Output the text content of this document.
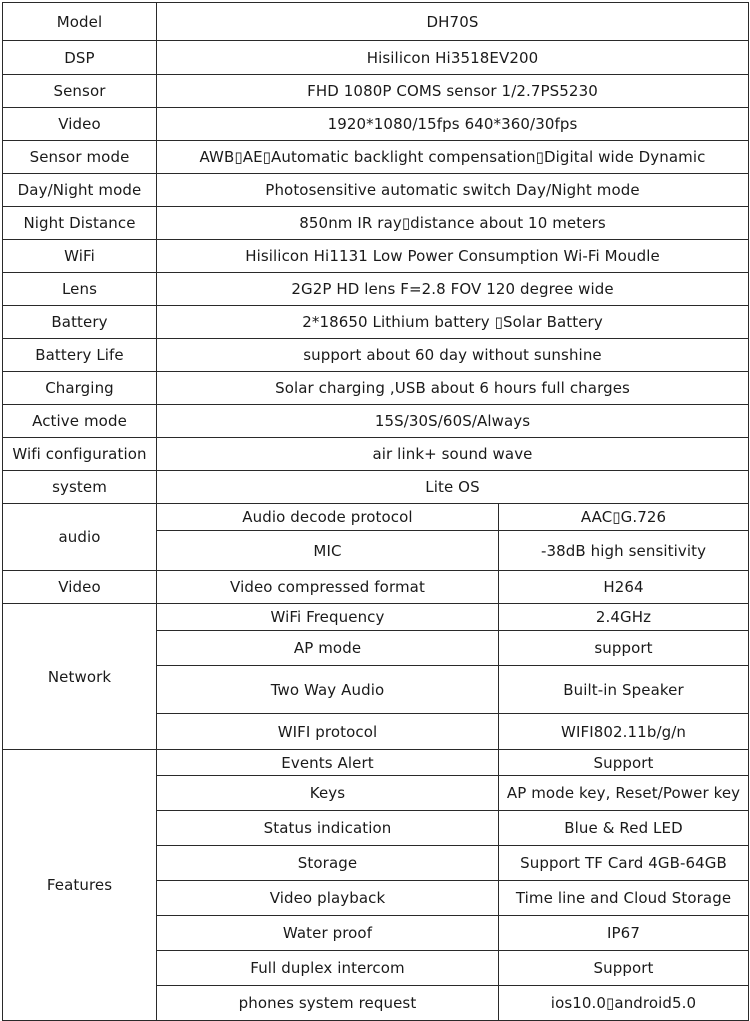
Model	DH70S	
DSP	Hisilicon Hi3518EV200	
Sensor	FHD 1080P COMS sensor 1/2.7PS5230	
Video	1920*1080/15fps 640*360/30fps	
Sensor mode	AWB▯AE▯Automatic backlight compensation▯Digital wide Dynamic	
Day/Night mode	Photosensitive automatic switch Day/Night mode	
Night Distance	850nm IR ray▯distance about 10 meters	
WiFi	Hisilicon Hi1131 Low Power Consumption Wi-Fi Moudle	
Lens	2G2P HD lens F=2.8 FOV 120 degree wide	
Battery	2*18650 Lithium battery ▯Solar Battery	
Battery Life	support about 60 day without sunshine	
Charging	Solar charging ,USB about 6 hours full charges	
Active mode	15S/30S/60S/Always	
Wifi configuration	air link+ sound wave	
system	Lite OS	
audio	Audio decode protocol	AAC▯G.726
	MIC	-38dB high sensitivity
Video	Video compressed format	H264
Network	WiFi Frequency	2.4GHz
	AP mode	support
	Two Way Audio	Built-in Speaker
	WIFI protocol	WIFI802.11b/g/n
Features	Events Alert	Support
	Keys	AP mode key, Reset/Power key
	Status indication	Blue & Red LED
	Storage	Support TF Card 4GB-64GB
	Video playback	Time line and Cloud Storage
	Water proof	IP67
	Full duplex intercom	Support
	phones system request	ios10.0▯android5.0
